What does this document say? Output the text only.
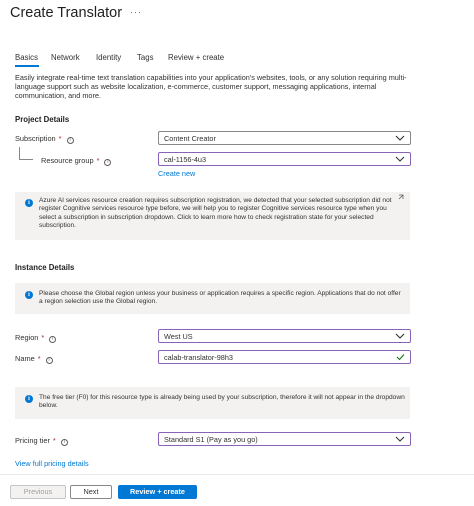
Create Translator ···
Basics Network Identity Tags Review + create
Easily integrate real-time text translation capabilities into your application's websites, tools, or any solution requiring multi-language support such as website localization, e-commerce, customer support, messaging applications, internal communication, and more.
Project Details
Subscription * i	Content Creator
Resource group * i	cal-1156-4u3
Create new
i	Azure AI services resource creation requires subscription registration, we detected that your selected subscription did not register Cognitive services resource type before, we will help you to register Cognitive services resource type when you select a subscription in subscription dropdown. Click to learn more how to check registration state for your selected subscription.
Instance Details
i	Please choose the Global region unless your business or application requires a specific region. Applications that do not offer a region selection use the Global region.
Region * i	West US
Name * i	calab-translator-98h3
i	The free tier (F0) for this resource type is already being used by your subscription, therefore it will not appear in the dropdown below.
Pricing tier * i	Standard S1 (Pay as you go)
View full pricing details
Previous	Next	Review + create
